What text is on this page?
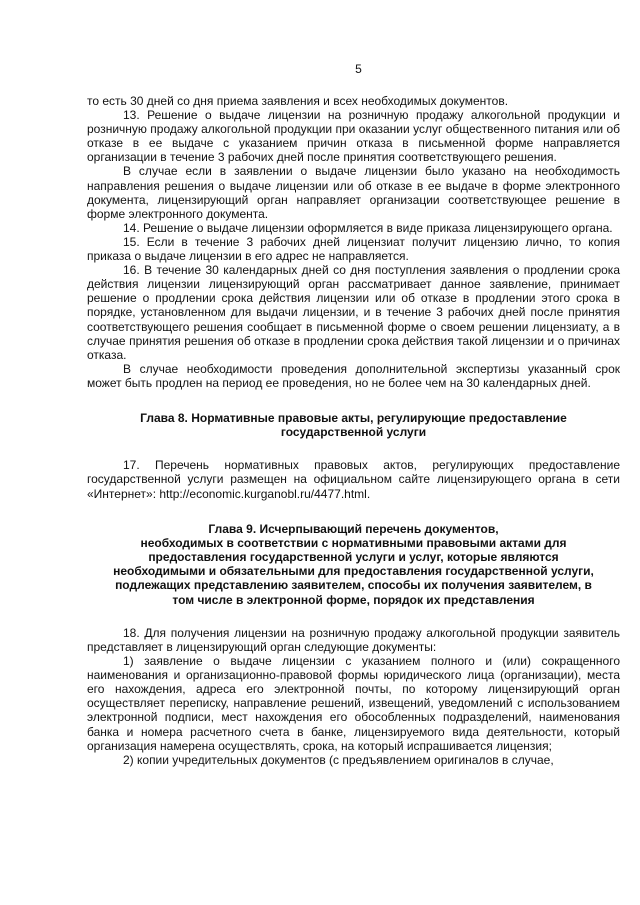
5

то есть 30 дней со дня приема заявления и всех необходимых документов.

13. Решение о выдаче лицензии на розничную продажу алкогольной продукции и розничную продажу алкогольной продукции при оказании услуг общественного питания или об отказе в ее выдаче с указанием причин отказа в письменной форме направляется организации в течение 3 рабочих дней после принятия соответствующего решения.

В случае если в заявлении о выдаче лицензии было указано на необходимость направления решения о выдаче лицензии или об отказе в ее выдаче в форме электронного документа, лицензирующий орган направляет организации соответствующее решение в форме электронного документа.

14. Решение о выдаче лицензии оформляется в виде приказа лицензирующего органа.

15. Если в течение 3 рабочих дней лицензиат получит лицензию лично, то копия приказа о выдаче лицензии в его адрес не направляется.

16. В течение 30 календарных дней со дня поступления заявления о продлении срока действия лицензии лицензирующий орган рассматривает данное заявление, принимает решение о продлении срока действия лицензии или об отказе в продлении этого срока в порядке, установленном для выдачи лицензии, и в течение 3 рабочих дней после принятия соответствующего решения сообщает в письменной форме о своем решении лицензиату, а в случае принятия решения об отказе в продлении срока действия такой лицензии и о причинах отказа.

В случае необходимости проведения дополнительной экспертизы указанный срок может быть продлен на период ее проведения, но не более чем на 30 календарных дней.

Глава 8. Нормативные правовые акты, регулирующие предоставление
государственной услуги

17. Перечень нормативных правовых актов, регулирующих предоставление государственной услуги размещен на официальном сайте лицензирующего органа в сети «Интернет»: http://economic.kurganobl.ru/4477.html.

Глава 9. Исчерпывающий перечень документов,
необходимых в соответствии с нормативными правовыми актами для
предоставления государственной услуги и услуг, которые являются
необходимыми и обязательными для предоставления государственной услуги,
подлежащих представлению заявителем, способы их получения заявителем, в
том числе в электронной форме, порядок их представления

18. Для получения лицензии на розничную продажу алкогольной продукции заявитель представляет в лицензирующий орган следующие документы:

1) заявление о выдаче лицензии с указанием полного и (или) сокращенного наименования и организационно-правовой формы юридического лица (организации), места его нахождения, адреса его электронной почты, по которому лицензирующий орган осуществляет переписку, направление решений, извещений, уведомлений с использованием электронной подписи, мест нахождения его обособленных подразделений, наименования банка и номера расчетного счета в банке, лицензируемого вида деятельности, который организация намерена осуществлять, срока, на который испрашивается лицензия;

2) копии учредительных документов (с предъявлением оригиналов в случае,
